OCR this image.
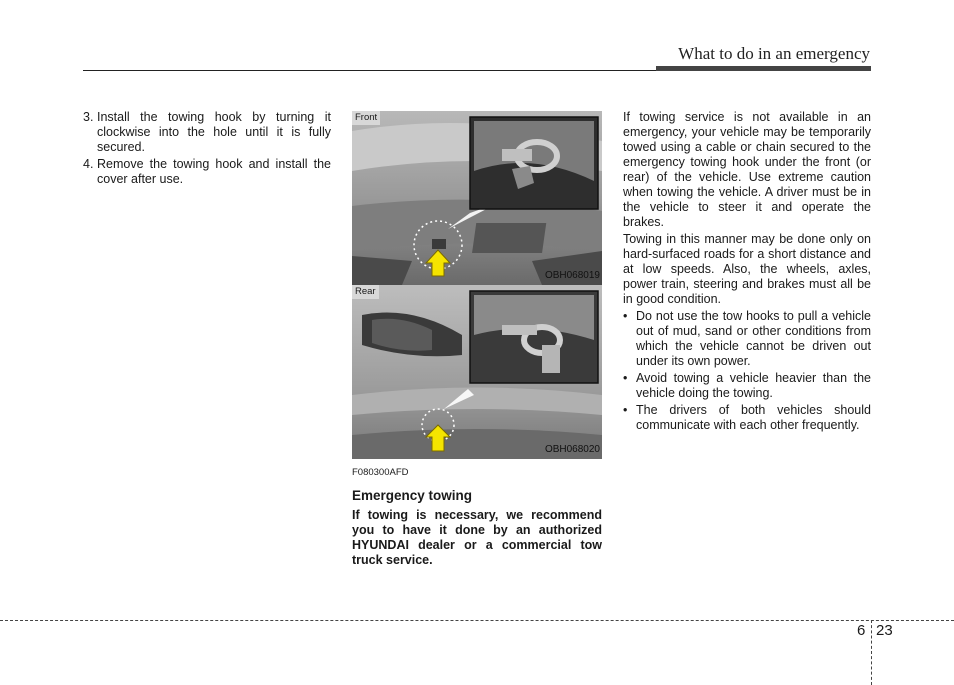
What to do in an emergency
3. Install the towing hook by turning it clockwise into the hole until it is fully secured.
4. Remove the towing hook and install the cover after use.
Front
OBH068019
Rear
OBH068020
F080300AFD
Emergency towing
If towing is necessary, we recommend you to have it done by an authorized HYUNDAI dealer or a commercial tow truck service.

If towing service is not available in an emergency, your vehicle may be temporarily towed using a cable or chain secured to the emergency towing hook under the front (or rear) of the vehicle. Use extreme caution when towing the vehicle. A driver must be in the vehicle to steer it and operate the brakes.

Towing in this manner may be done only on hard-surfaced roads for a short distance and at low speeds. Also, the wheels, axles, power train, steering and brakes must all be in good condition.

• Do not use the tow hooks to pull a vehicle out of mud, sand or other conditions from which the vehicle cannot be driven out under its own power.
• Avoid towing a vehicle heavier than the vehicle doing the towing.
• The drivers of both vehicles should communicate with each other frequently.
6 23
